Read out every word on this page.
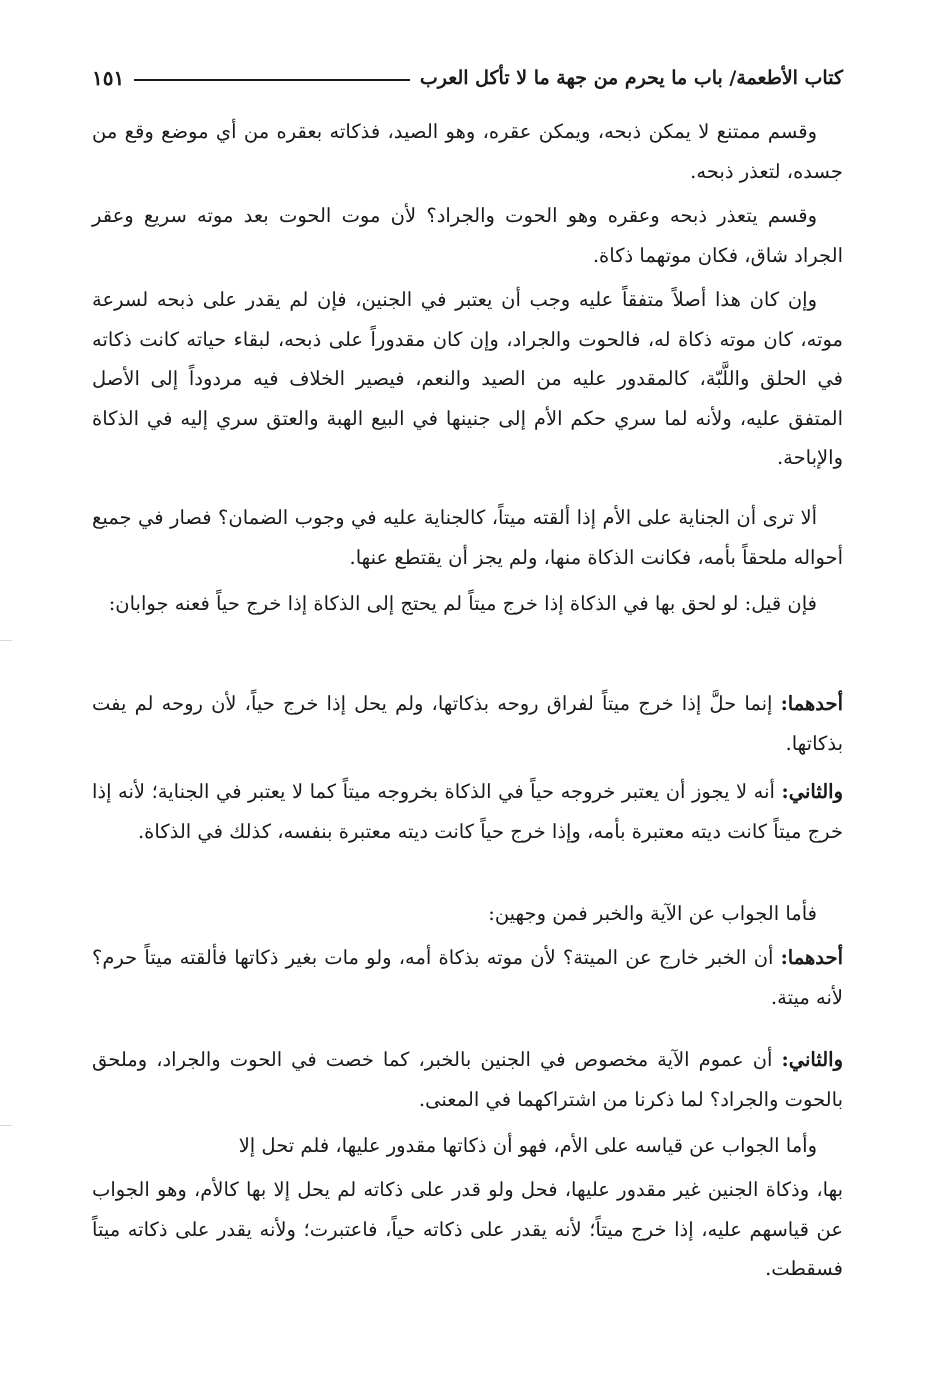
كتاب الأطعمة/ باب ما يحرم من جهة ما لا تأكل العرب
١٥١

وقسم ممتنع لا يمكن ذبحه، ويمكن عقره، وهو الصيد، فذكاته بعقره من أي موضع وقع من جسده، لتعذر ذبحه.

وقسم يتعذر ذبحه وعقره وهو الحوت والجراد؟ لأن موت الحوت بعد موته سريع وعقر الجراد شاق، فكان موتهما ذكاة.

وإن كان هذا أصلاً متفقاً عليه وجب أن يعتبر في الجنين، فإن لم يقدر على ذبحه لسرعة موته، كان موته ذكاة له، فالحوت والجراد، وإن كان مقدوراً على ذبحه، لبقاء حياته كانت ذكاته في الحلق واللَّبّة، كالمقدور عليه من الصيد والنعم، فيصير الخلاف فيه مردوداً إلى الأصل المتفق عليه، ولأنه لما سري حكم الأم إلى جنينها في البيع الهبة والعتق سري إليه في الذكاة والإباحة.

ألا ترى أن الجناية على الأم إذا ألقته ميتاً، كالجناية عليه في وجوب الضمان؟ فصار في جميع أحواله ملحقاً بأمه، فكانت الذكاة منها، ولم يجز أن يقتطع عنها.

فإن قيل: لو لحق بها في الذكاة إذا خرج ميتاً لم يحتج إلى الذكاة إذا خرج حياً فعنه جوابان:

أحدهما: إنما حلَّ إذا خرج ميتاً لفراق روحه بذكاتها، ولم يحل إذا خرج حياً، لأن روحه لم يفت بذكاتها.

والثاني: أنه لا يجوز أن يعتبر خروجه حياً في الذكاة بخروجه ميتاً كما لا يعتبر في الجناية؛ لأنه إذا خرج ميتاً كانت ديته معتبرة بأمه، وإذا خرج حياً كانت ديته معتبرة بنفسه، كذلك في الذكاة.

فأما الجواب عن الآية والخبر فمن وجهين:

أحدهما: أن الخبر خارج عن الميتة؟ لأن موته بذكاة أمه، ولو مات بغير ذكاتها فألقته ميتاً حرم؟ لأنه ميتة.

والثاني: أن عموم الآية مخصوص في الجنين بالخبر، كما خصت في الحوت والجراد، وملحق بالحوت والجراد؟ لما ذكرنا من اشتراكهما في المعنى.

وأما الجواب عن قياسه على الأم، فهو أن ذكاتها مقدور عليها، فلم تحل إلا

بها، وذكاة الجنين غير مقدور عليها، فحل ولو قدر على ذكاته لم يحل إلا بها كالأم، وهو الجواب عن قياسهم عليه، إذا خرج ميتاً؛ لأنه يقدر على ذكاته حياً، فاعتبرت؛ ولأنه يقدر على ذكاته ميتاً فسقطت.
